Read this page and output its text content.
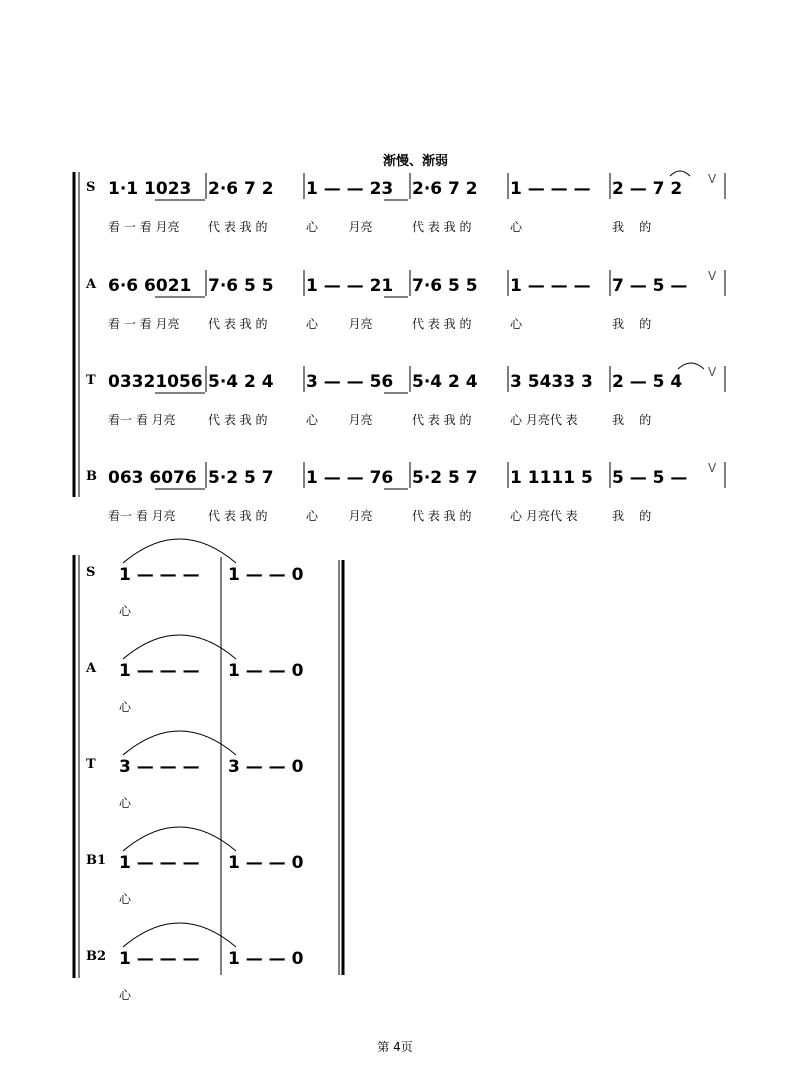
渐慢、渐弱
S 1·1 1023
看 一 看 月亮
2·6 7 2
代 表 我 的
1 — — 23
心        月亮
2·6 7 2
代 表 我 的
1 — — —
心
2 — 7 2
我    的
V
A 6·6 6021
看 一 看 月亮
7·6 5 5
代 表 我 的
1 — — 21
心        月亮
7·6 5 5
代 表 我 的
1 — — —
心
7 — 5 —
我    的
V
T 03321056
看一 看 月亮
5·4 2 4
代 表 我 的
3 — — 56
心        月亮
5·4 2 4
代 表 我 的
3 5433 3
心 月亮代 表
2 — 5 4
我    的
V
B 063 6076
看一 看 月亮
5·2 5 7
代 表 我 的
1 — — 76
心        月亮
5·2 5 7
代 表 我 的
1 1111 5
心 月亮代 表
5 — 5 —
我    的
V
S 1 — — — 1 — — 0
心
A 1 — — — 1 — — 0
心
T 3 — — — 3 — — 0
心
B1 1 — — — 1 — — 0
心
B2 1 — — — 1 — — 0
心
第 4页
